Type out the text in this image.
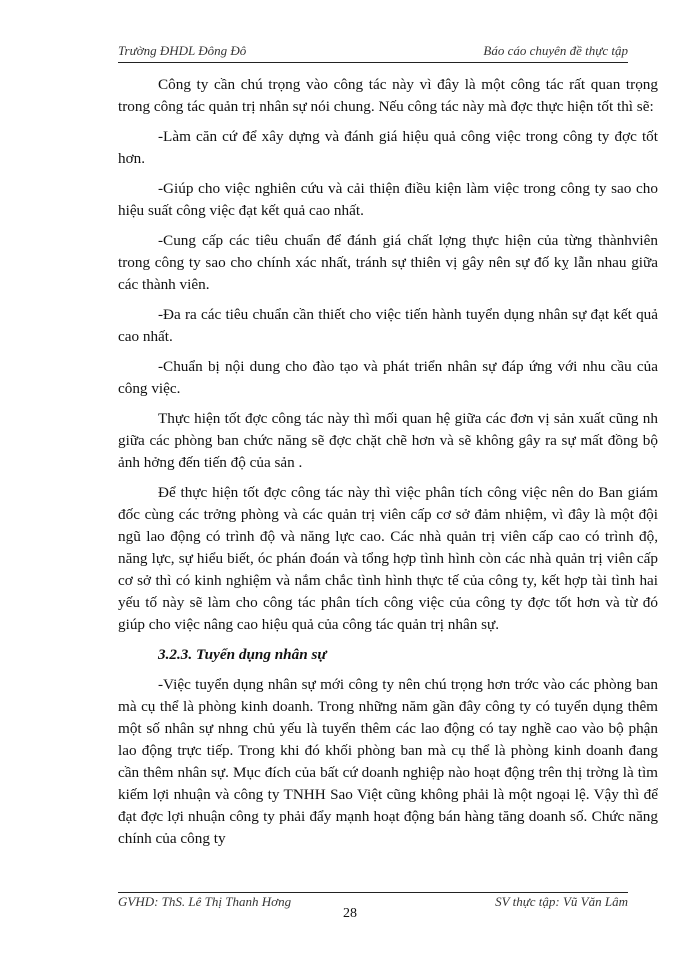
Trường ĐHDL Đông Đô	Báo cáo chuyên đề thực tập

Công ty cần chú trọng vào công tác này vì đây là một công tác rất quan trọng trong công tác quản trị nhân sự nói chung. Nếu công tác này mà đợc thực hiện tốt thì sẽ:

-Làm căn cứ để xây dựng và đánh giá hiệu quả công việc trong công ty đợc tốt hơn.

-Giúp cho việc nghiên cứu và cải thiện điều kiện làm việc trong công ty sao cho hiệu suất công việc đạt kết quả cao nhất.

-Cung cấp các tiêu chuẩn để đánh giá chất lợng thực hiện của từng thànhviên trong công ty sao cho chính xác nhất, tránh sự thiên vị gây nên sự đố kỵ lẫn nhau giữa các thành viên.

-Đa ra các tiêu chuẩn cần thiết cho việc tiến hành tuyển dụng nhân sự đạt kết quả cao nhất.

-Chuẩn bị nội dung cho đào tạo và phát triển nhân sự đáp ứng với nhu cầu của công việc.

Thực hiện tốt đợc công tác này thì mối quan hệ giữa các đơn vị sản xuất cũng nh giữa các phòng ban chức năng sẽ đợc chặt chẽ hơn và sẽ không gây ra sự mất đồng bộ ảnh hởng đến tiến độ của sản .

Để thực hiện tốt đợc công tác này thì việc phân tích công việc nên do Ban giám đốc cùng các trởng phòng và các quản trị viên cấp cơ sở đảm nhiệm, vì đây là một đội ngũ lao động có trình độ và năng lực cao. Các nhà quản trị viên cấp cao có trình độ, năng lực, sự hiểu biết, óc phán đoán và tổng hợp tình hình còn các nhà quản trị viên cấp cơ sở thì có kinh nghiệm và nắm chắc tình hình thực tế của công ty, kết hợp tài tình hai yếu tố này sẽ làm cho công tác phân tích công việc của công ty đợc tốt hơn và từ đó giúp cho việc nâng cao hiệu quả của công tác quản trị nhân sự.

3.2.3. Tuyển dụng nhân sự

-Việc tuyển dụng nhân sự mới công ty nên chú trọng hơn trớc vào các phòng ban mà cụ thể là phòng kinh doanh. Trong những năm gần đây công ty có tuyển dụng thêm một số nhân sự nhng chủ yếu là tuyển thêm các lao động có tay nghề cao vào bộ phận lao động trực tiếp. Trong khi đó khối phòng ban mà cụ thể là phòng kinh doanh đang cần thêm nhân sự. Mục đích của bất cứ doanh nghiệp nào hoạt động trên thị trờng là tìm kiếm lợi nhuận và công ty TNHH Sao Việt cũng không phải là một ngoại lệ. Vậy thì để đạt đợc lợi nhuận công ty phải đẩy mạnh hoạt động bán hàng tăng doanh số. Chức năng chính của công ty

GVHD: ThS. Lê Thị Thanh Hơng	SV thực tập: Vũ Văn Lâm
28
